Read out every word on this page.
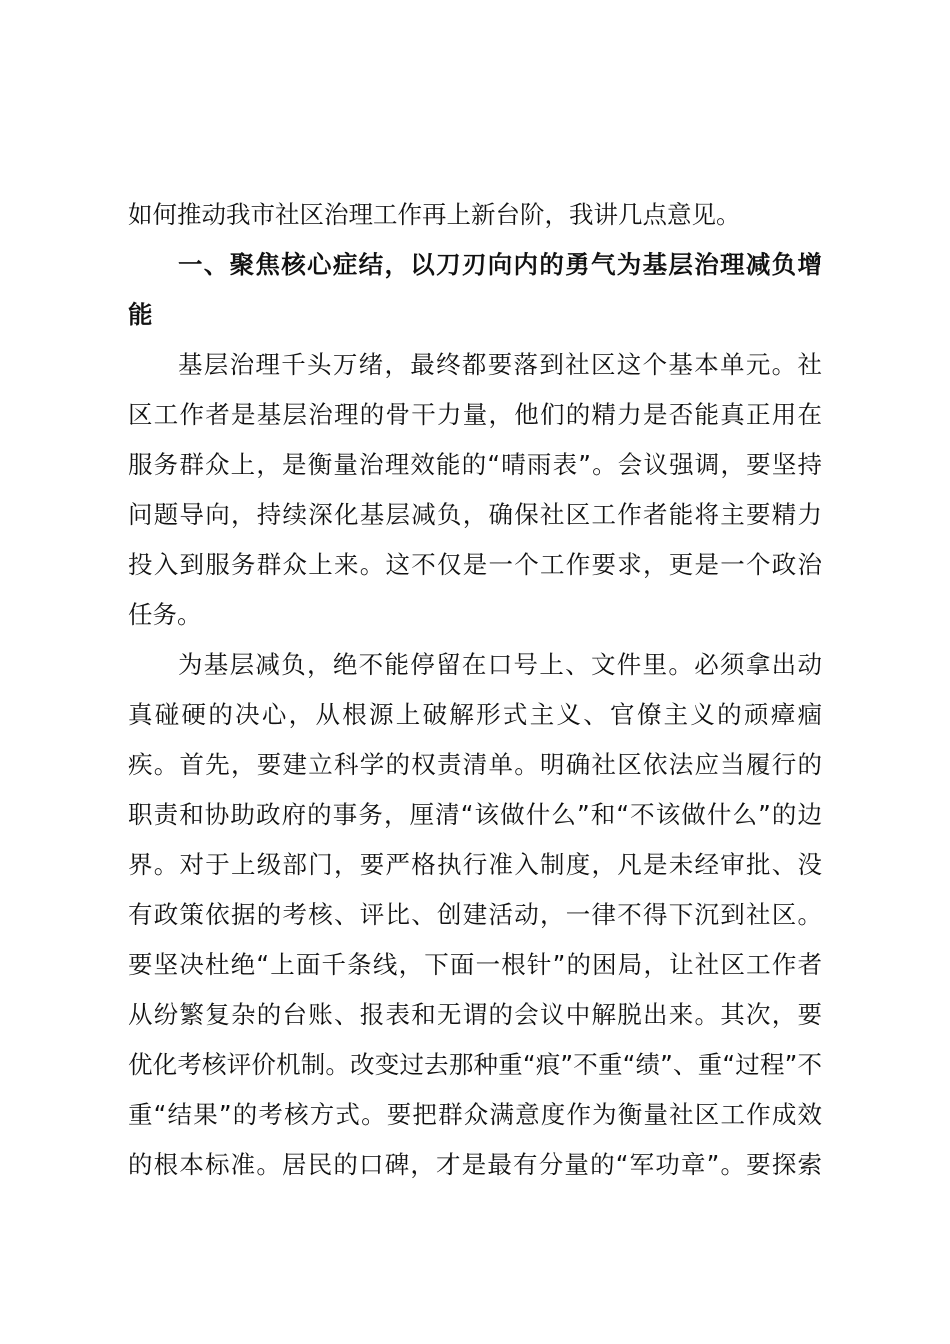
如何推动我市社区治理工作再上新台阶，我讲几点意见。
一、聚焦核心症结，以刀刃向内的勇气为基层治理减负增
能
基层治理千头万绪，最终都要落到社区这个基本单元。社
区工作者是基层治理的骨干力量，他们的精力是否能真正用在
服务群众上，是衡量治理效能的“晴雨表”。会议强调，要坚持
问题导向，持续深化基层减负，确保社区工作者能将主要精力
投入到服务群众上来。这不仅是一个工作要求，更是一个政治
任务。
为基层减负，绝不能停留在口号上、文件里。必须拿出动
真碰硬的决心，从根源上破解形式主义、官僚主义的顽瘴痼
疾。首先，要建立科学的权责清单。明确社区依法应当履行的
职责和协助政府的事务，厘清“该做什么”和“不该做什么”的边
界。对于上级部门，要严格执行准入制度，凡是未经审批、没
有政策依据的考核、评比、创建活动，一律不得下沉到社区。
要坚决杜绝“上面千条线，下面一根针”的困局，让社区工作者
从纷繁复杂的台账、报表和无谓的会议中解脱出来。其次，要
优化考核评价机制。改变过去那种重“痕”不重“绩”、重“过程”不
重“结果”的考核方式。要把群众满意度作为衡量社区工作成效
的根本标准。居民的口碑，才是最有分量的“军功章”。要探索
